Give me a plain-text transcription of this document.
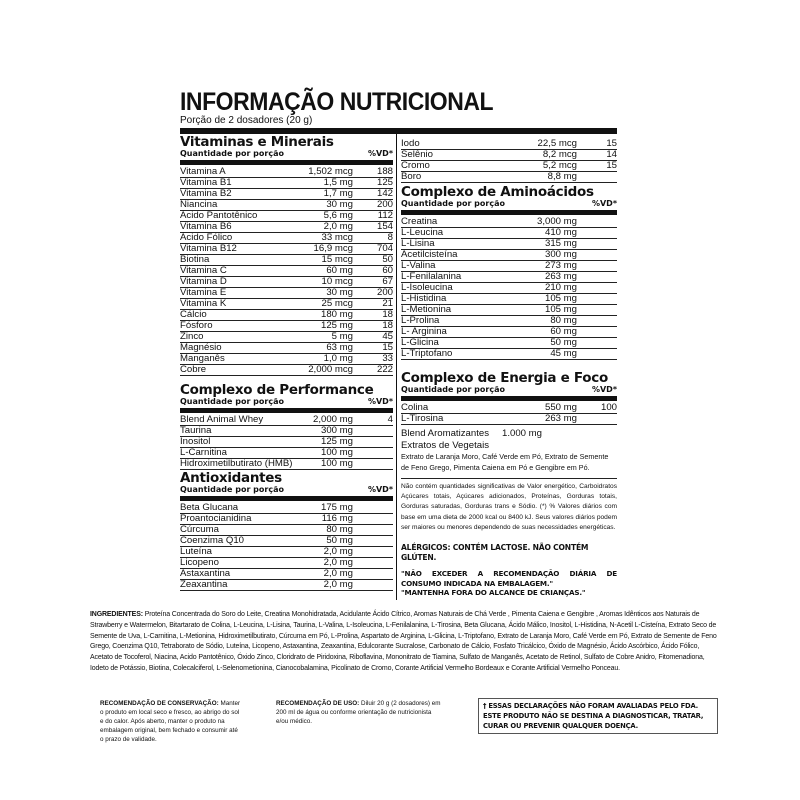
INFORMAÇÃO NUTRICIONAL
Porção de 2 dosadores (20 g)
Vitaminas e Minerais
Quantidade por porção	%VD*
Vitamina A	1,502 mcg	188
Vitamina B1	1,5 mg	125
Vitamina B2	1,7 mg	142
Niancina	30 mg	200
Ácido Pantotênico	5,6 mg	112
Vitamina B6	2,0 mg	154
Ácido Fólico	33 mcg	8
Vitamina B12	16,9 mcg	704
Biotina	15 mcg	50
Vitamina C	60 mg	60
Vitamina D	10 mcg	67
Vitamina E	30 mg	200
Vitamina K	25 mcg	21
Cálcio	180 mg	18
Fósforo	125 mg	18
Zinco	5 mg	45
Magnésio	63 mg	15
Manganês	1,0 mg	33
Cobre	2,000 mcg	222
Complexo de Performance
Quantidade por porção	%VD*
Blend Animal Whey	2,000 mg	4
Taurina	300 mg
Inositol	125 mg
L-Carnitina	100 mg
Hidroximetilbutirato (HMB)	100 mg
Antioxidantes
Quantidade por porção	%VD*
Beta Glucana	175 mg
Proantocianidina	116 mg
Cúrcuma	80 mg
Coenzima Q10	50 mg
Luteína	2,0 mg
Licopeno	2,0 mg
Astaxantina	2,0 mg
Zeaxantina	2,0 mg
Iodo	22,5 mcg	15
Selênio	8,2 mcg	14
Cromo	5,2 mcg	15
Boro	8,8 mg
Complexo de Aminoácidos
Quantidade por porção	%VD*
Creatina	3,000 mg
L-Leucina	410 mg
L-Lisina	315 mg
Acetilcisteína	300 mg
L-Valina	273 mg
L-Fenilalanina	263 mg
L-Isoleucina	210 mg
L-Histidina	105 mg
L-Metionina	105 mg
L-Prolina	80 mg
L- Arginina	60 mg
L-Glicina	50 mg
L-Triptofano	45 mg
Complexo de Energia e Foco
Quantidade por porção	%VD*
Colina	550 mg	100
L-Tirosina	263 mg
Blend Aromatizantes	1.000 mg
Extratos de Vegetais
Extrato de Laranja Moro, Café Verde em Pó, Extrato de Semente de Feno Grego, Pimenta Caiena em Pó e Gengibre em Pó.
Não contém quantidades significativas de Valor energético, Carboidratos Açúcares totais, Açúcares adicionados, Proteínas, Gorduras totais, Gorduras saturadas, Gorduras trans e Sódio. (*) % Valores diários com base em uma dieta de 2000 kcal ou 8400 kJ. Seus valores diários podem ser maiores ou menores dependendo de suas necessidades energéticas.
ALÉRGICOS: CONTÉM LACTOSE. NÃO CONTÉM GLÚTEN.
"NÃO EXCEDER A RECOMENDAÇÃO DIÁRIA DE CONSUMO INDICADA NA EMBALAGEM."
"MANTENHA FORA DO ALCANCE DE CRIANÇAS."
INGREDIENTES: Proteína Concentrada do Soro do Leite, Creatina Monohidratada, Acidulante Ácido Cítrico, Aromas Naturais de Chá Verde , Pimenta Caiena e Gengibre , Aromas Idênticos aos Naturais de Strawberry e Watermelon, Bitartarato de Colina, L-Leucina, L-Lisina, Taurina, L-Valina, L-Isoleucina, L-Fenilalanina, L-Tirosina, Beta Glucana, Ácido Málico, Inositol, L-Histidina, N-Acetil L-Cisteína, Extrato Seco de Semente de Uva, L-Carnitina, L-Metionina, Hidroximetilbutirato, Cúrcuma em Pó, L-Prolina, Aspartato de Arginina, L-Glicina, L-Triptofano, Extrato de Laranja Moro, Café Verde em Pó, Extrato de Semente de Feno Grego, Coenzima Q10, Tetraborato de Sódio, Luteína, Licopeno, Astaxantina, Zeaxantina, Edulcorante Sucralose, Carbonato de Cálcio, Fosfato Tricálcico, Óxido de Magnésio, Ácido Ascórbico, Ácido Fólico, Acetato de Tocoferol, Niacina, Acido Pantotênico, Óxido Zinco, Cloridrato de Piridoxina, Riboflavina, Mononitrato de Tiamina, Sulfato de Manganês, Acetato de Retinol, Sulfato de Cobre Anidro, Fitomenadiona, Iodeto de Potássio, Biotina, Colecalciferol, L-Selenometionina, Cianocobalamina, Picolinato de Cromo, Corante Artificial Vermelho Bordeaux e Corante Artificial Vermelho Ponceau.
RECOMENDAÇÃO DE CONSERVAÇÃO: Manter o produto em local seco e fresco, ao abrigo do sol e do calor. Após aberto, manter o produto na embalagem original, bem fechado e consumir até o prazo de validade.
RECOMENDAÇÃO DE USO: Diluir 20 g (2 dosadores) em 200 ml de água ou conforme orientação de nutricionista e/ou médico.
† ESSAS DECLARAÇÕES NÃO FORAM AVALIADAS PELO FDA. ESTE PRODUTO NÃO SE DESTINA A DIAGNOSTICAR, TRATAR, CURAR OU PREVENIR QUALQUER DOENÇA.
